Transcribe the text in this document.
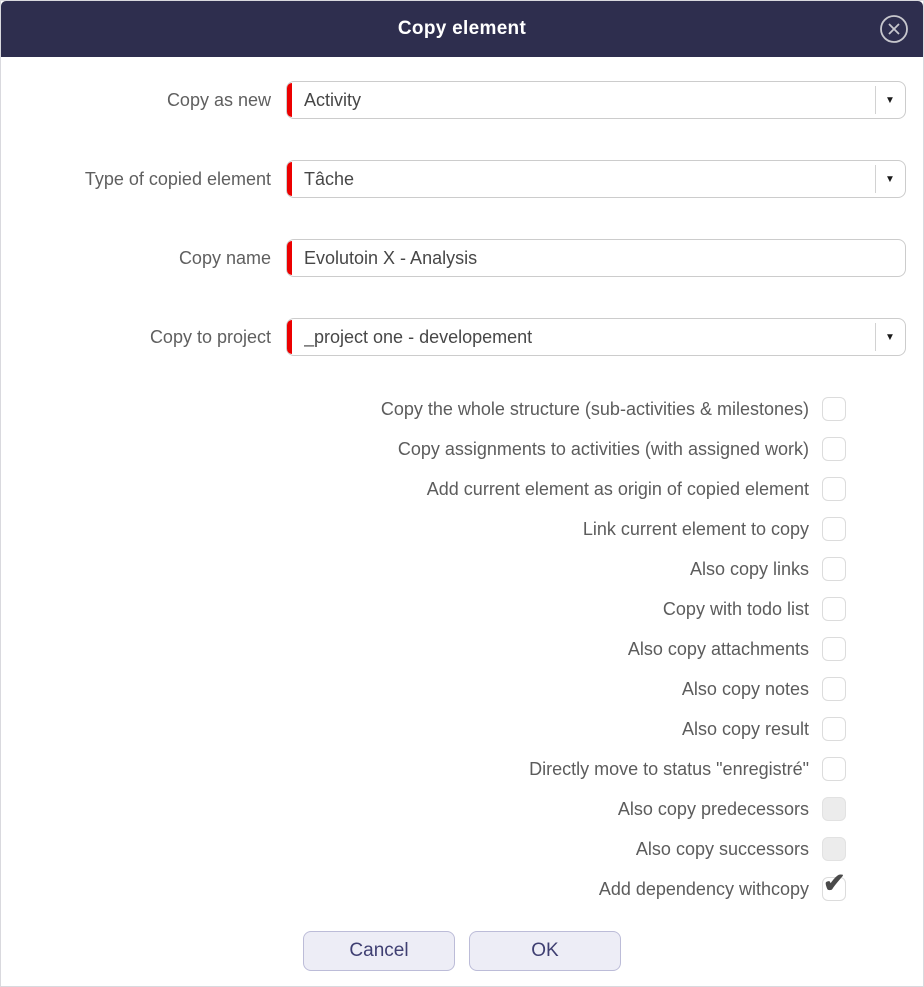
Copy element
Copy as new Activity	▼
Type of copied element Tâche	▼
Copy name Evolutoin X - Analysis
Copy to project _project one - developement	▼
Copy the whole structure (sub-activities & milestones)
Copy assignments to activities (with assigned work)
Add current element as origin of copied element
Link current element to copy
Also copy links
Copy with todo list
Also copy attachments
Also copy notes
Also copy result
Directly move to status "enregistré"
Also copy predecessors
Also copy successors
Add dependency withcopy ✔
Cancel	OK
